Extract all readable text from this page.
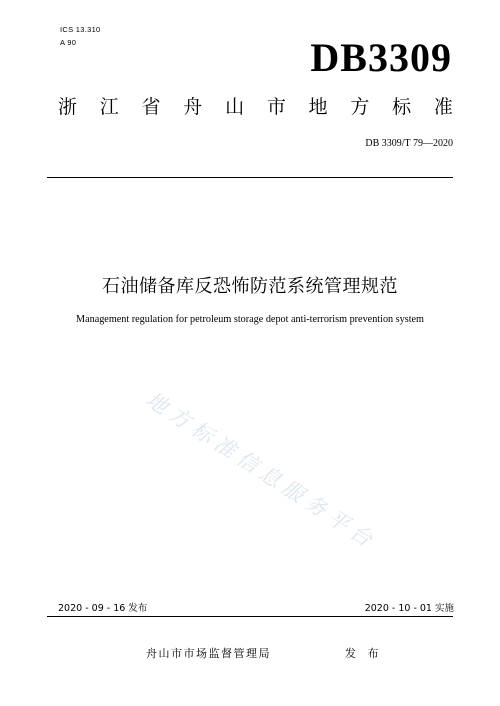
ICS 13.310
A 90	DB3309
浙 江 省 舟 山 市 地 方 标 准
DB 3309/T 79—2020
石油储备库反恐怖防范系统管理规范
Management regulation for petroleum storage depot anti-terrorism prevention system
地方标准信息服务平台
2020 - 09 - 16 发布	2020 - 10 - 01 实施
舟山市市场监督管理局	发 布
